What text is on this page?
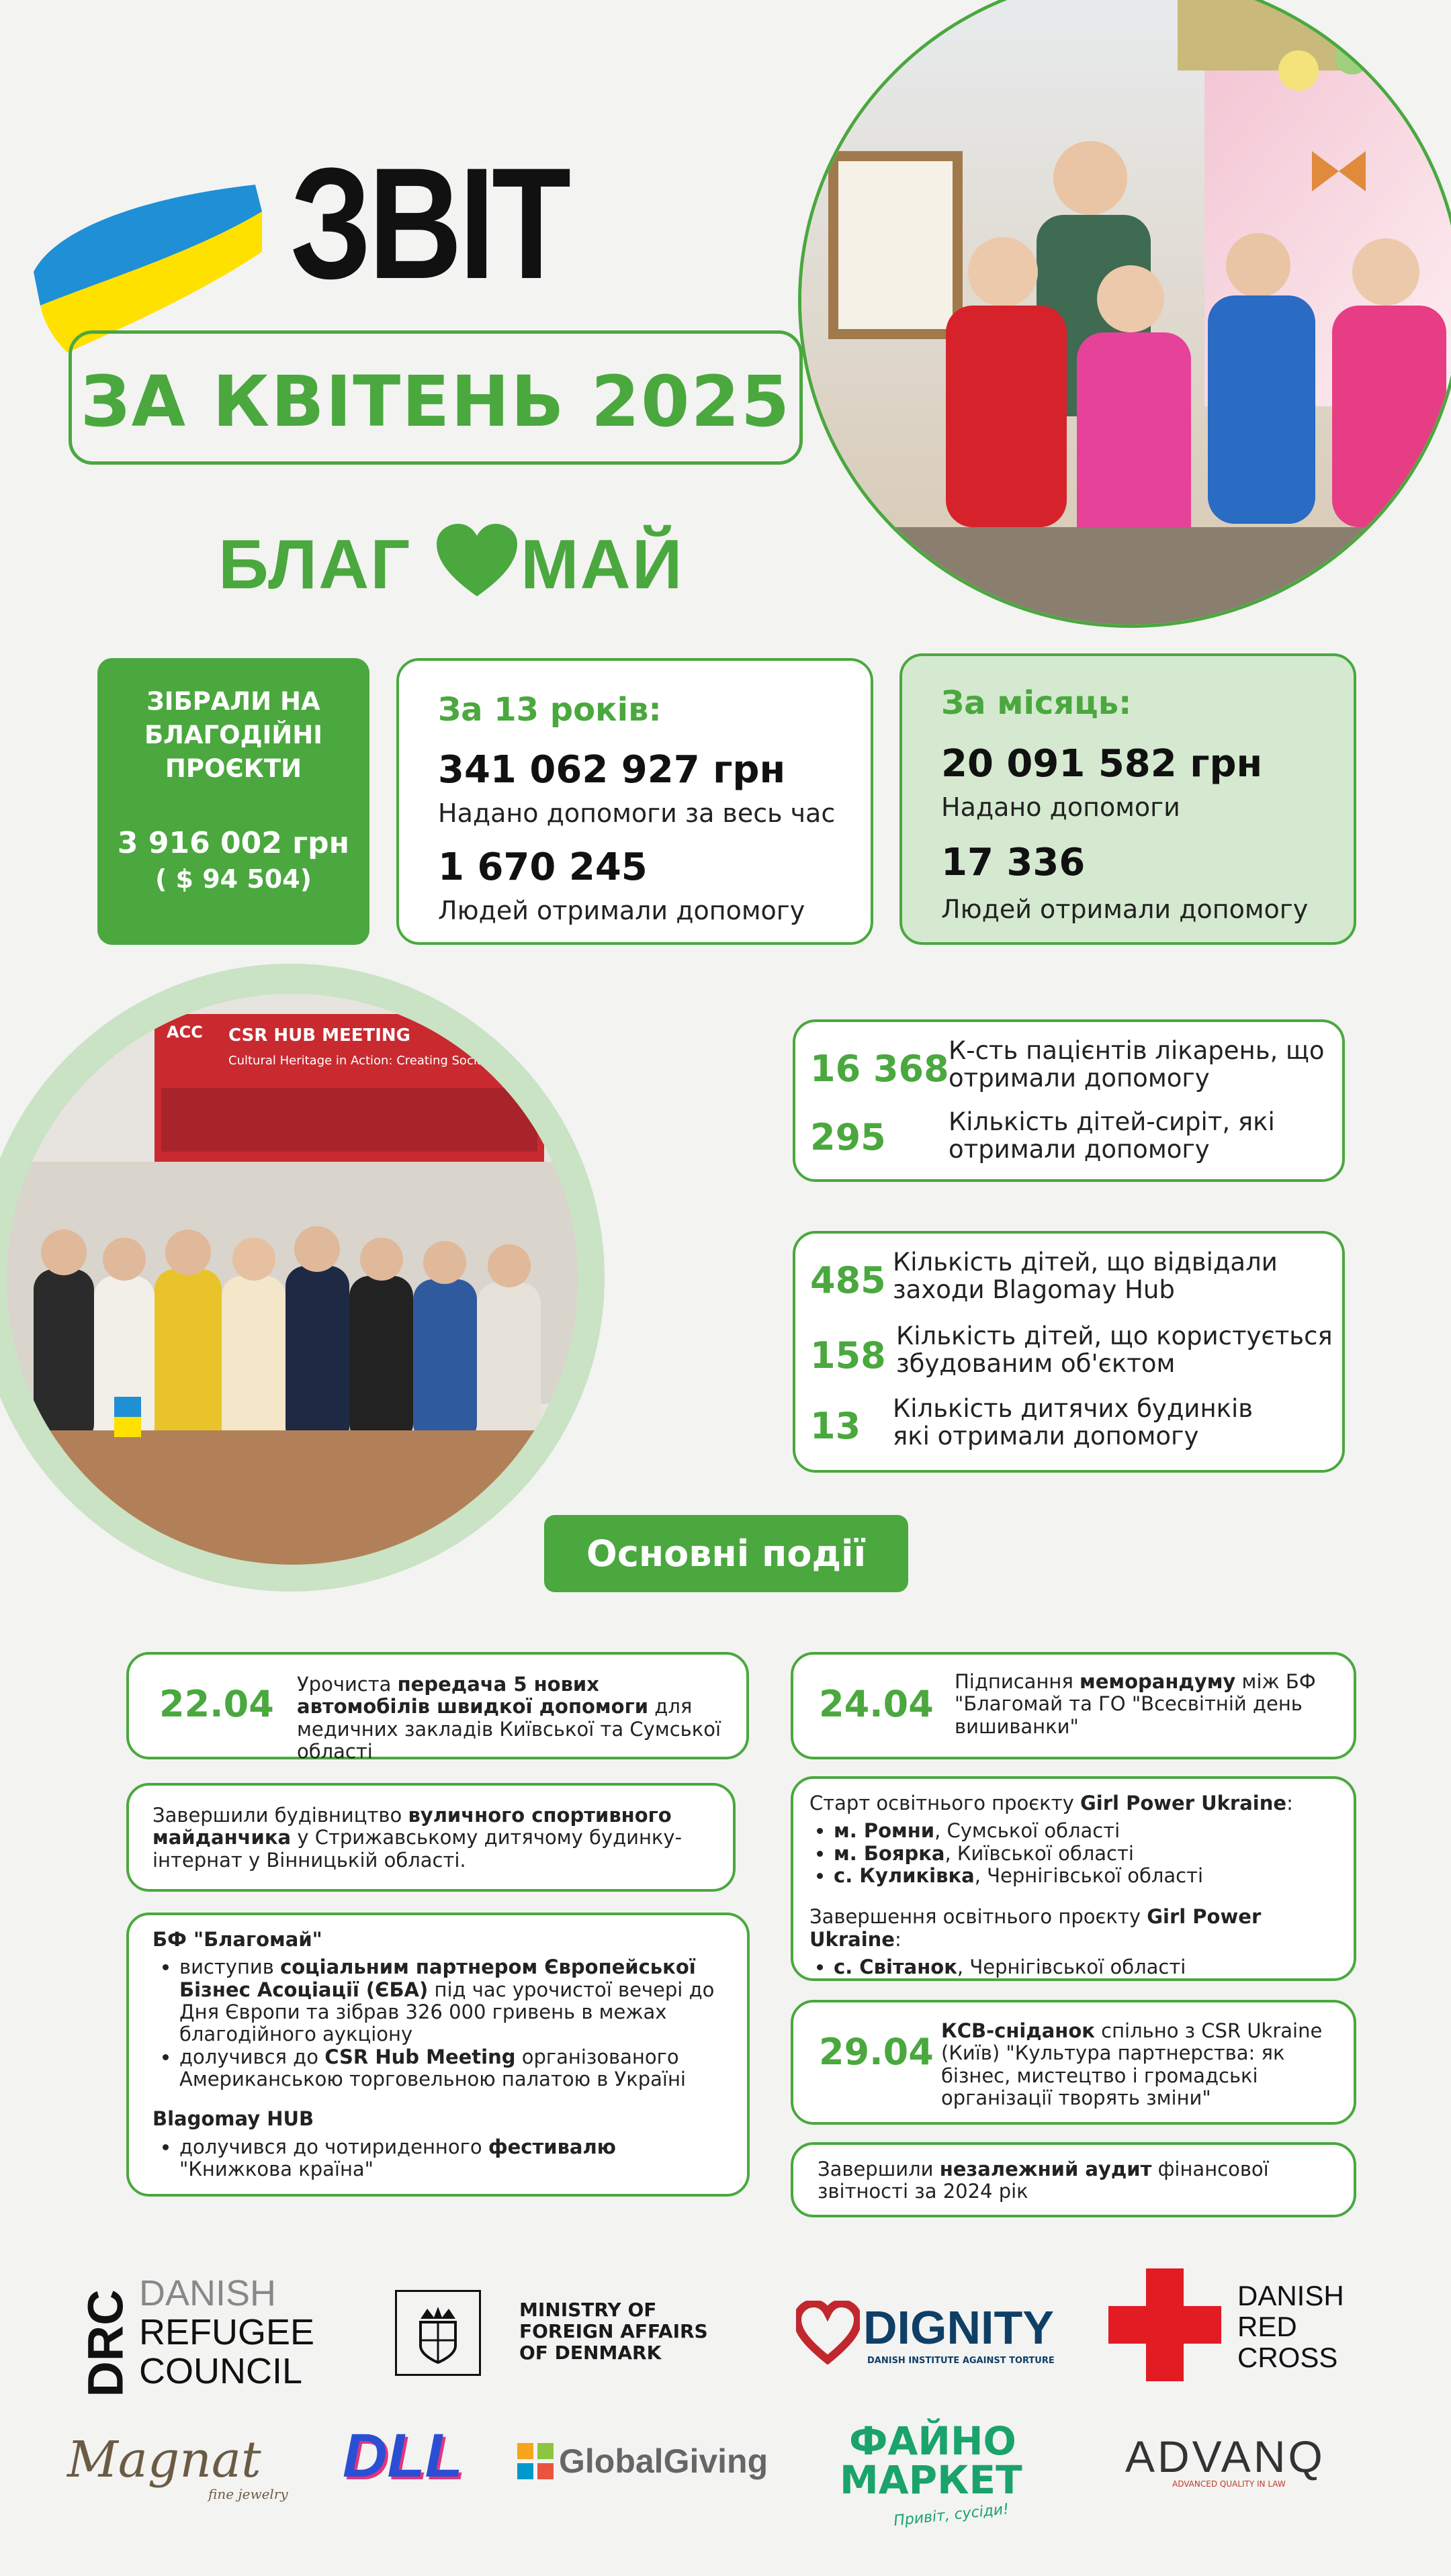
ЗВІТ
ЗА КВІТЕНЬ 2025
БЛАГ МАЙ
ЗІБРАЛИ НА БЛАГОДІЙНІ ПРОЄКТИ
3 916 002 грн
( $ 94 504)
За 13 років:
341 062 927 грн
Надано допомоги за весь час
1 670 245
Людей отримали допомогу
За місяць:
20 091 582 грн
Надано допомоги
17 336
Людей отримали допомогу
CSR HUB MEETING
Cultural Heritage in Action: Creating Social Impact
ACC
16 368 К-сть пацієнтів лікарень, що отримали допомогу
295	Кількість дітей-сиріт, які отримали допомогу
485 Кількість дітей, що відвідали заходи Blagomay Hub
158 Кількість дітей, що користується збудованим об'єктом
13 Кількість дитячих будинків які отримали допомогу
Основні події
22.04 Урочиста передача 5 нових автомобілів швидкої допомоги для медичних закладів Київської та Сумської області
Завершили будівництво вуличного спортивного майданчика у Стрижавському дитячому будинку-інтернат у Вінницькій області.
БФ "Благомай"
• виступив соціальним партнером Європейської Бізнес Асоціації (ЄБА) під час урочистої вечері до Дня Європи та зібрав 326 000 гривень в межах благодійного аукціону
• долучився до CSR Hub Meeting організованого Американською торговельною палатою в Україні
Blagomay HUB
• долучився до чотириденного фестивалю "Книжкова країна"
24.04
Підписання меморандуму між БФ "Благомай та ГО "Всесвітній день вишиванки"
Старт освітнього проєкту Girl Power Ukraine:
• м. Ромни, Сумської області
• м. Боярка, Київської області
• с. Куликівка, Чернігівської області
Завершення освітнього проєкту Girl Power Ukraine:
• с. Світанок, Чернігівської області
29.04 КСВ-сніданок спільно з CSR Ukraine (Київ) "Культура партнерства: як бізнес, мистецтво і громадські організації творять зміни"
Завершили незалежний аудит фінансової звітності за 2024 рік
DRC DANISH
REFUGEE
COUNCIL
MINISTRY OF
FOREIGN AFFAIRS
OF DENMARK	DIGNITY
DANISH INSTITUTE AGAINST TORTURE
DANISH
RED
CROSS
Magnat
fine jewelry
DLL	GlobalGiving ФАЙНО
МАРКЕТ
Привіт, сусіди!
ADVANQ
ADVANCED QUALITY IN LAW
